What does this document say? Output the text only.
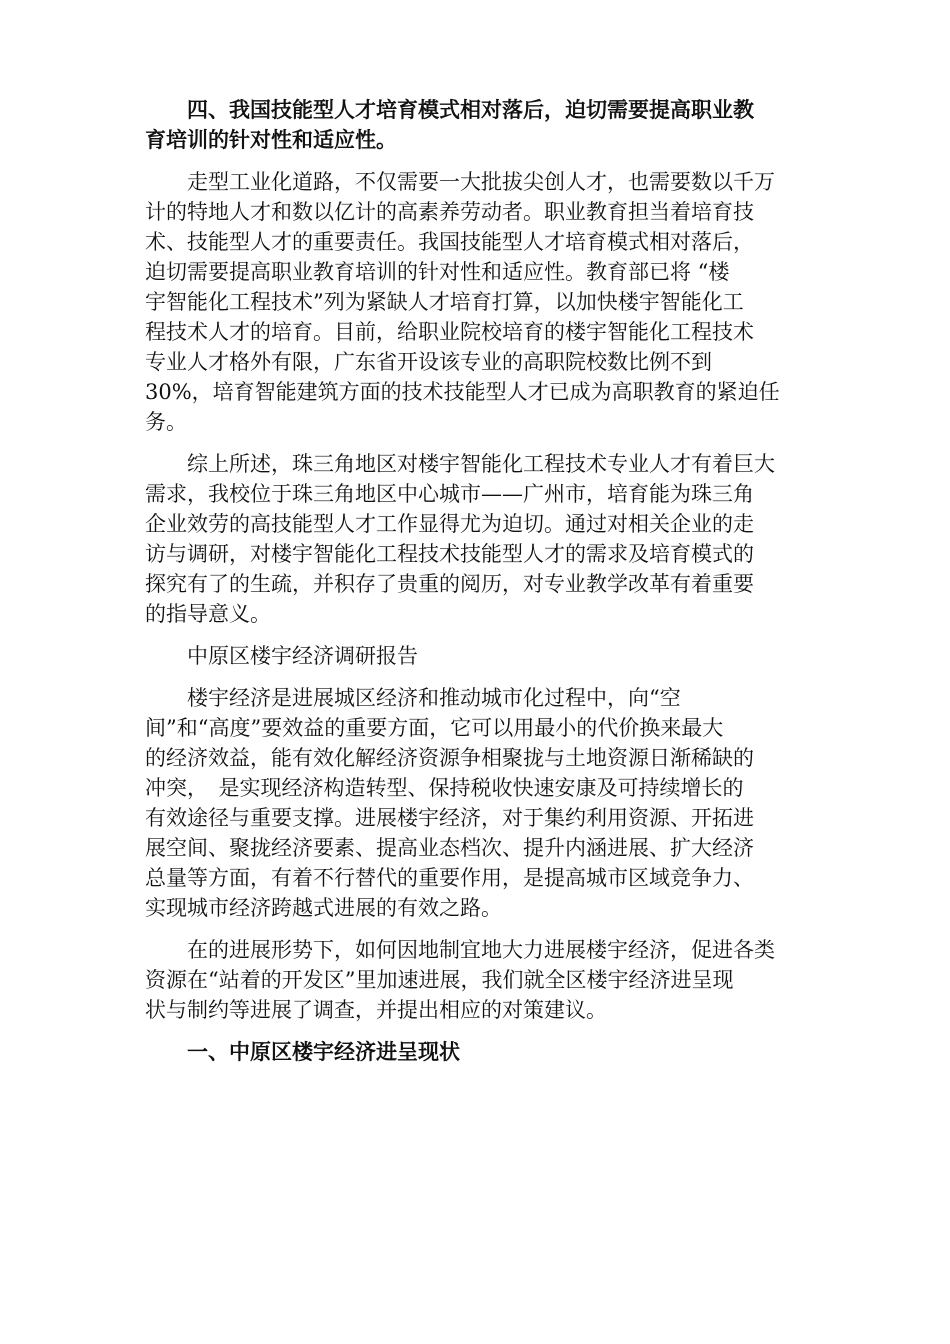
　　四、我国技能型人才培育模式相对落后，迫切需要提高职业教
育培训的针对性和适应性。
　　走型工业化道路，不仅需要一大批拔尖创人才，也需要数以千万
计的特地人才和数以亿计的高素养劳动者。职业教育担当着培育技
术、技能型人才的重要责任。我国技能型人才培育模式相对落后，
迫切需要提高职业教育培训的针对性和适应性。教育部已将 “楼
宇智能化工程技术”列为紧缺人才培育打算，以加快楼宇智能化工
程技术人才的培育。目前，给职业院校培育的楼宇智能化工程技术
专业人才格外有限，广东省开设该专业的高职院校数比例不到
30%，培育智能建筑方面的技术技能型人才已成为高职教育的紧迫任
务。
　　综上所述，珠三角地区对楼宇智能化工程技术专业人才有着巨大
需求，我校位于珠三角地区中心城市——广州市，培育能为珠三角
企业效劳的高技能型人才工作显得尤为迫切。通过对相关企业的走
访与调研，对楼宇智能化工程技术技能型人才的需求及培育模式的
探究有了的生疏，并积存了贵重的阅历，对专业教学改革有着重要
的指导意义。
　　中原区楼宇经济调研报告
　　楼宇经济是进展城区经济和推动城市化过程中，向“空
间”和“高度”要效益的重要方面，它可以用最小的代价换来最大
的经济效益，能有效化解经济资源争相聚拢与土地资源日渐稀缺的
冲突，　是实现经济构造转型、保持税收快速安康及可持续增长的
有效途径与重要支撑。进展楼宇经济，对于集约利用资源、开拓进
展空间、聚拢经济要素、提高业态档次、提升内涵进展、扩大经济
总量等方面，有着不行替代的重要作用，是提高城市区域竞争力、
实现城市经济跨越式进展的有效之路。
　　在的进展形势下，如何因地制宜地大力进展楼宇经济，促进各类
资源在“站着的开发区”里加速进展，我们就全区楼宇经济进呈现
状与制约等进展了调查，并提出相应的对策建议。
　　一、中原区楼宇经济进呈现状
